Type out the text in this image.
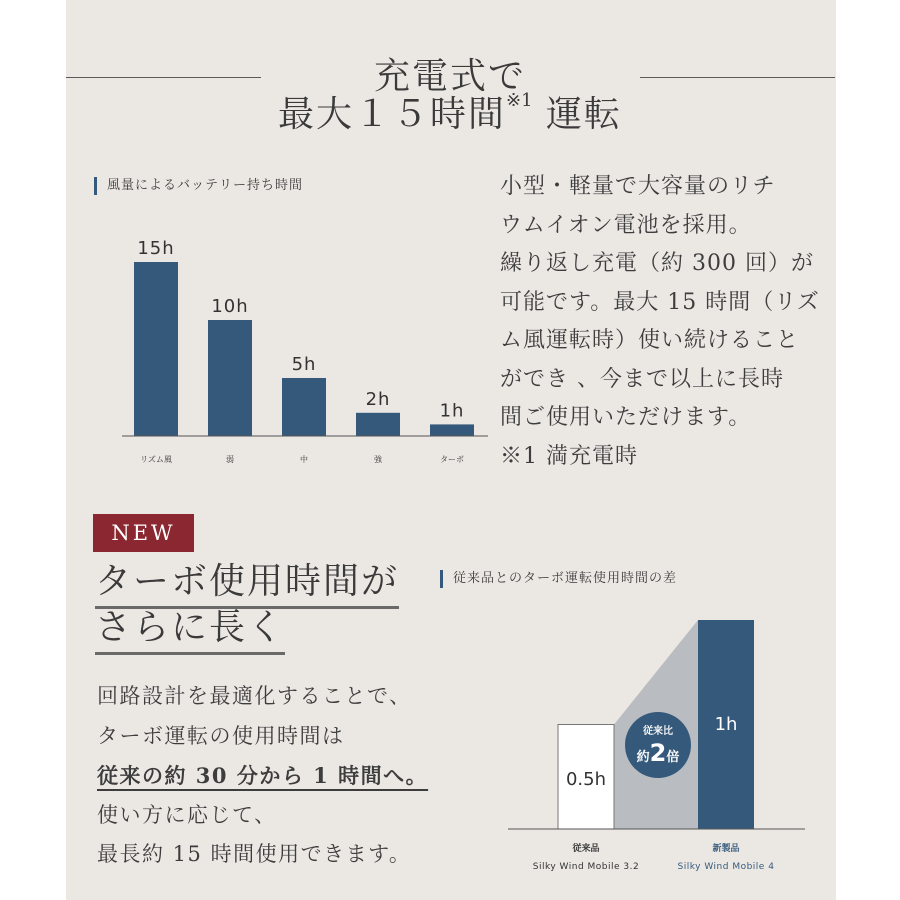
充電式で
最大１５時間$^{※1}$ 運転
風量によるバッテリー持ち時間
15h
リズム風
10h
弱
5h
中
2h
強
1h
ターボ
小型・軽量で大容量のリチ
ウムイオン電池を採用。
繰り返し充電（約 300 回）が
可能です。最大 15 時間（リズ
ム風運転時）使い続けること
ができ 、今まで以上に長時
間ご使用いただけます。
※1 満充電時
NEW
ターボ使用時間が
さらに長く
回路設計を最適化することで、
ターボ運転の使用時間は
従来の約 30 分から 1 時間へ。
使い方に応じて、
最長約 15 時間使用できます。
従来品とのターボ運転使用時間の差
0.5h
1h
従来比
約2倍
従来品
Silky Wind Mobile 3.2
新製品
Silky Wind Mobile 4
